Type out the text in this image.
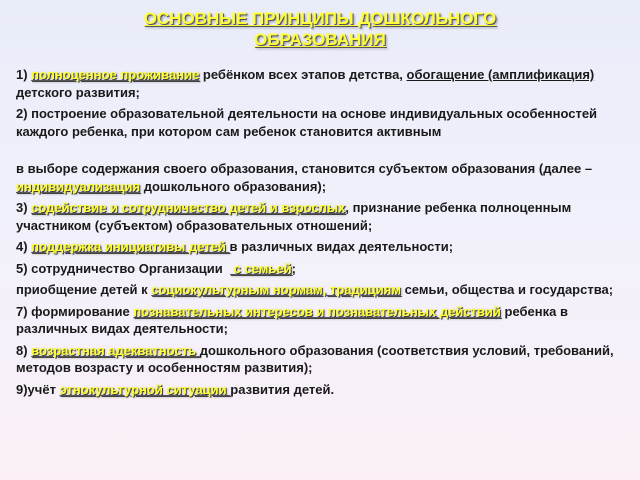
ОСНОВНЫЕ ПРИНЦИПЫ ДОШКОЛЬНОГО
ОБРАЗОВАНИЯ

1) полноценное проживание ребёнком всех этапов детства, обогащение (амплификация) детского развития;

2) построение образовательной деятельности на основе индивидуальных особенностей каждого ребенка, при котором сам ребенок становится активным

в выборе содержания своего образования, становится субъектом образования (далее – индивидуализация дошкольного образования);

3) содействие и сотрудничество детей и взрослых, признание ребенка полноценным участником (субъектом) образовательных отношений;

4) поддержка инициативы детей в различных видах деятельности;

5) сотрудничество Организации   с семьей;

приобщение детей к социокультурным нормам, традициям семьи, общества и государства;

7) формирование познавательных интересов и познавательных действий ребенка в различных видах деятельности;

8) возрастная адекватность дошкольного образования (соответствия условий, требований, методов возрасту и особенностям развития);

9)учёт этнокультурной ситуации развития детей.
